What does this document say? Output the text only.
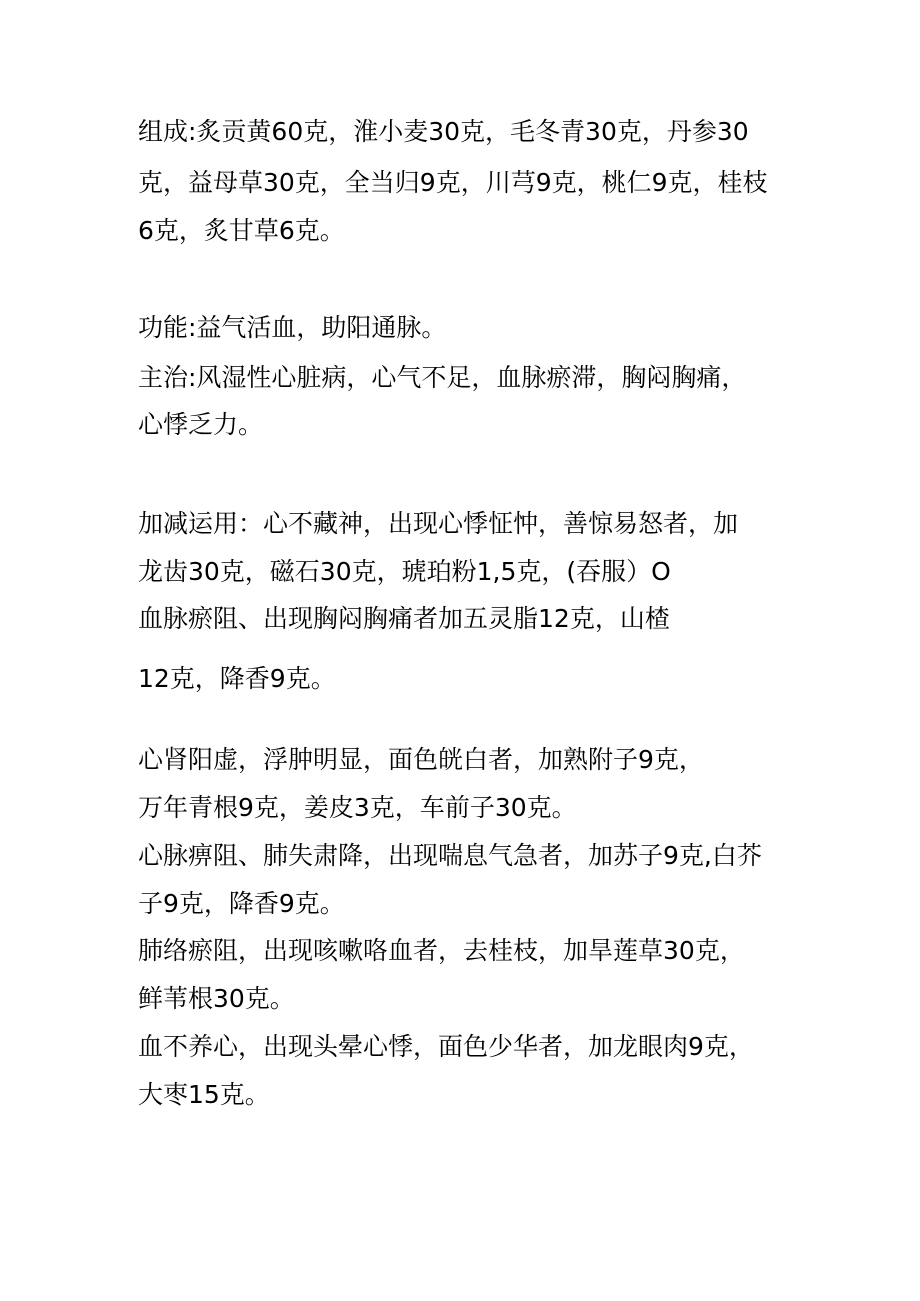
组成:炙贡黄60克，淮小麦30克，毛冬青30克，丹参30
克，益母草30克，全当归9克，川芎9克，桃仁9克，桂枝
6克，炙甘草6克。
功能:益气活血，助阳通脉。
主治:风湿性心脏病，心气不足，血脉瘀滞，胸闷胸痛，
心悸乏力。
加减运用：心不藏神，出现心悸怔忡，善惊易怒者，加
龙齿30克，磁石30克，琥珀粉1,5克，(吞服）O
血脉瘀阻、出现胸闷胸痛者加五灵脂12克，山楂
12克，降香9克。
心肾阳虚，浮肿明显，面色㿠白者，加熟附子9克，
万年青根9克，姜皮3克，车前子30克。
心脉痹阻、肺失肃降，出现喘息气急者，加苏子9克,白芥
子9克，降香9克。
肺络瘀阻，出现咳嗽咯血者，去桂枝，加旱莲草30克，
鲜苇根30克。
血不养心，出现头晕心悸，面色少华者，加龙眼肉9克，
大枣15克。
